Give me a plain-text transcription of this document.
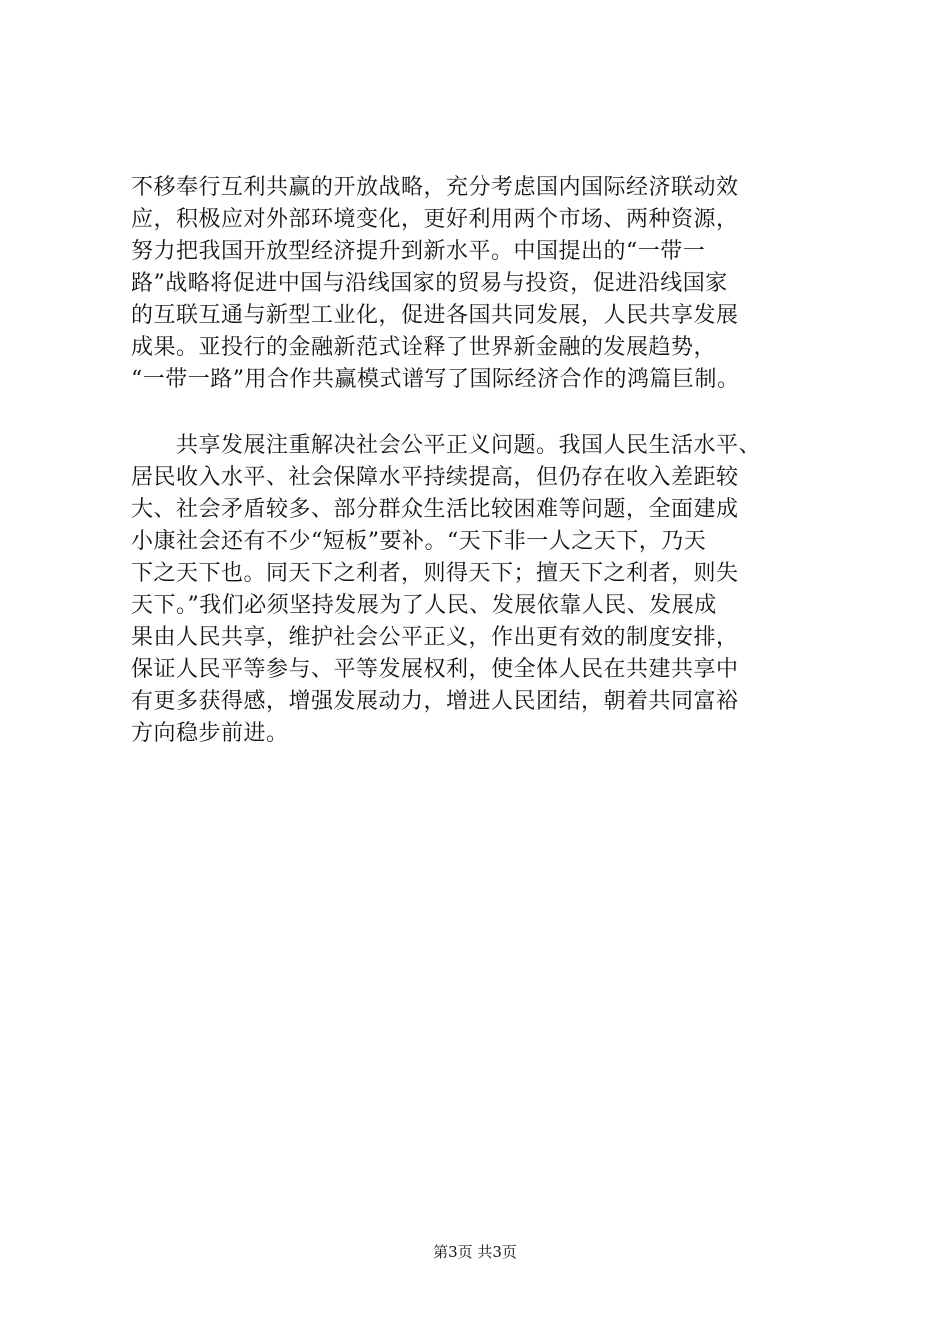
不移奉行互利共赢的开放战略，充分考虑国内国际经济联动效
应，积极应对外部环境变化，更好利用两个市场、两种资源，
努力把我国开放型经济提升到新水平。中国提出的“一带一
路”战略将促进中国与沿线国家的贸易与投资，促进沿线国家
的互联互通与新型工业化，促进各国共同发展，人民共享发展
成果。亚投行的金融新范式诠释了世界新金融的发展趋势，
“一带一路”用合作共赢模式谱写了国际经济合作的鸿篇巨制。
　　共享发展注重解决社会公平正义问题。我国人民生活水平、
居民收入水平、社会保障水平持续提高，但仍存在收入差距较
大、社会矛盾较多、部分群众生活比较困难等问题，全面建成
小康社会还有不少“短板”要补。“天下非一人之天下，乃天
下之天下也。同天下之利者，则得天下；擅天下之利者，则失
天下。”我们必须坚持发展为了人民、发展依靠人民、发展成
果由人民共享，维护社会公平正义，作出更有效的制度安排，
保证人民平等参与、平等发展权利，使全体人民在共建共享中
有更多获得感，增强发展动力，增进人民团结，朝着共同富裕
方向稳步前进。
第3页 共3页
